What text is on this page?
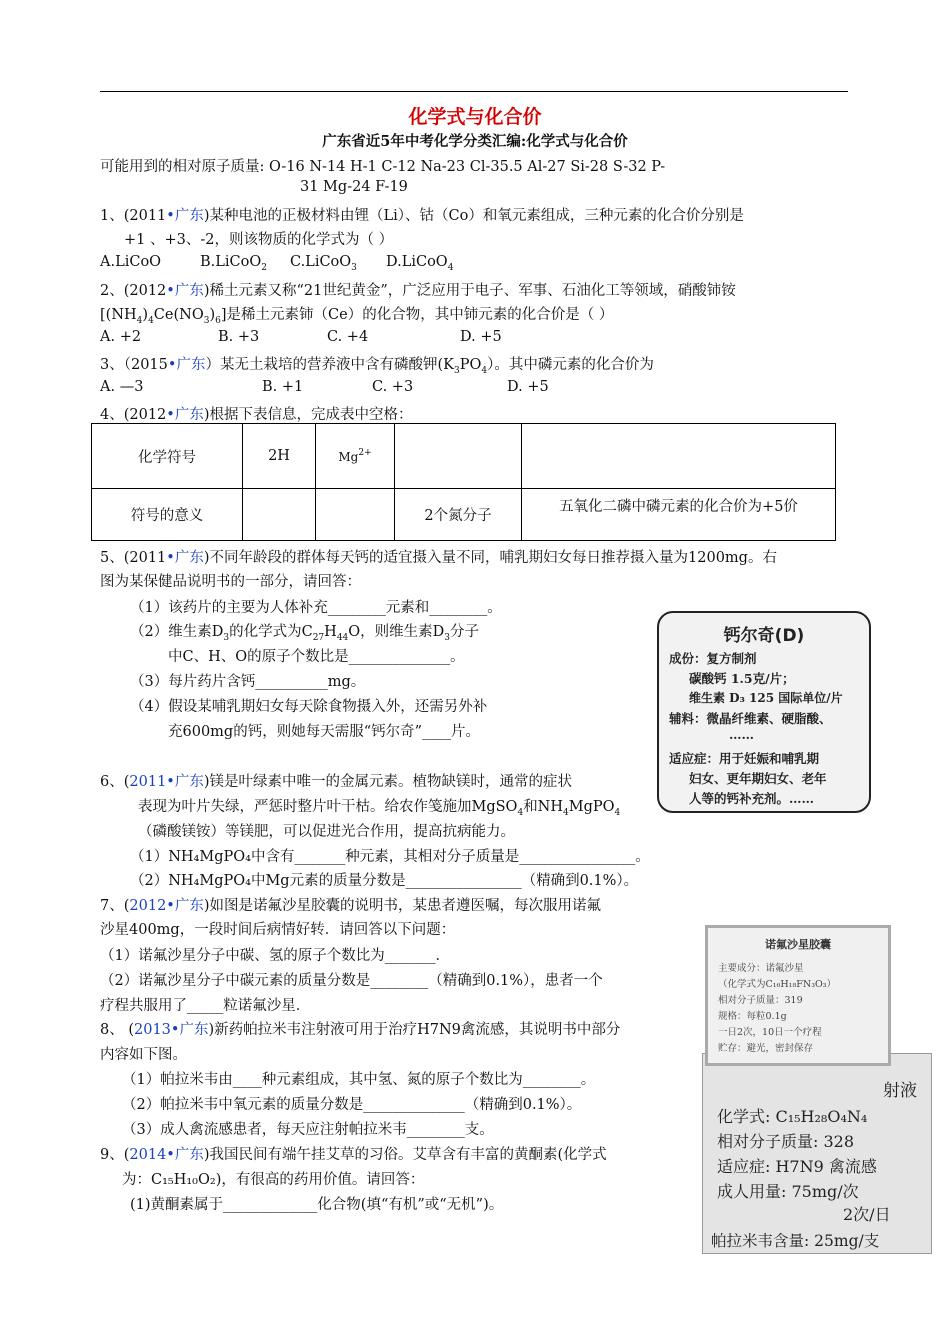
化学式与化合价
广东省近5年中考化学分类汇编:化学式与化合价
可能用到的相对原子质量: O-16 N-14 H-1 C-12 Na-23 Cl-35.5 Al-27 Si-28 S-32 P-
31 Mg-24 F-19
1、(2011•广东)某种电池的正极材料由锂（Li）、钴（Co）和氧元素组成，三种元素的化合价分别是
+1 、+3、-2，则该物质的化学式为（ ）
A.LiCoO	B.LiCoO$_2$ C.LiCoO$_3$ D.LiCoO$_4$
2、(2012•广东)稀土元素又称“21世纪黄金”，广泛应用于电子、军事、石油化工等领域，硝酸铈铵
$[(NH_4)_4Ce(NO_3)_6]$是稀土元素铈（Ce）的化合物，其中铈元素的化合价是（ ）
A. +2	B. +3	C. +4	D. +5
3、（2015•广东）某无土栽培的营养液中含有磷酸钾$(K_3PO_4)$。其中磷元素的化合价为
A. —3	B. +1	C. +3	D. +5
4、(2012•广东)根据下表信息，完成表中空格：
化学符号	2H	$Mg^{2+}$		
符号的意义			2个氮分子	五氧化二磷中磷元素的化合价为+5价
5、(2011•广东)不同年龄段的群体每天钙的适宜摄入量不同，哺乳期妇女每日推荐摄入量为1200mg。右
图为某保健品说明书的一部分，请回答：
（1）该药片的主要为人体补充________元素和________。
（2）维生素$D_3$的化学式为$C_{27}H_{44}O$，则维生素$D_3$分子
中C、H、O的原子个数比是______________。
（3）每片药片含钙__________mg。
（4）假设某哺乳期妇女每天除食物摄入外，还需另外补
充600mg的钙，则她每天需服“钙尔奇”____片。
钙尔奇(D)
成份：复方制剂
碳酸钙 1.5克/片；
维生素 D₃ 125 国际单位/片
辅料：微晶纤维素、硬脂酸、
……
适应症：用于妊娠和哺乳期
妇女、更年期妇女、老年
人等的钙补充剂。……
6、(2011•广东)镁是叶绿素中唯一的金属元素。植物缺镁时，通常的症状
表现为叶片失绿，严惩时整片叶干枯。给农作笺施加MgSO$_4$和$NH_4MgPO_4$
（磷酸镁铵）等镁肥，可以促进光合作用，提高抗病能力。
（1）NH₄MgPO₄中含有_______种元素，其相对分子质量是________________。
（2）NH₄MgPO₄中Mg元素的质量分数是________________（精确到0.1%）。
7、(2012•广东)如图是诺氟沙星胶囊的说明书，某患者遵医嘱，每次服用诺氟
沙星400mg，一段时间后病情好转．请回答以下问题：
（1）诺氟沙星分子中碳、氢的原子个数比为_______．
（2）诺氟沙星分子中碳元素的质量分数是________（精确到0.1%），患者一个
疗程共服用了_____粒诺氟沙星．
8、 (2013•广东)新药帕拉米韦注射液可用于治疗H7N9禽流感，其说明书中部分
内容如下图。
（1）帕拉米韦由____种元素组成，其中氢、氮的原子个数比为________。
（2）帕拉米韦中氧元素的质量分数是______________（精确到0.1%）。
（3）成人禽流感患者，每天应注射帕拉米韦________支。
射液
化学式: C₁₅H₂₈O₄N₄
相对分子质量: 328
适应症: H7N9 禽流感
成人用量: 75mg/次
2次/日
帕拉米韦含量: 25mg/支
诺氟沙星胶囊
主要成分：诺氟沙星
（化学式为C₁₆H₁₈FN₃O₃）
相对分子质量：319
规格：每粒0.1g
一日2次，10日一个疗程
贮存：避光，密封保存
9、(2014•广东)我国民间有端午挂艾草的习俗。艾草含有丰富的黄酮素(化学式
为：C₁₅H₁₀O₂)，有很高的药用价值。请回答：
(1)黄酮素属于_____________化合物(填“有机”或“无机”)。
